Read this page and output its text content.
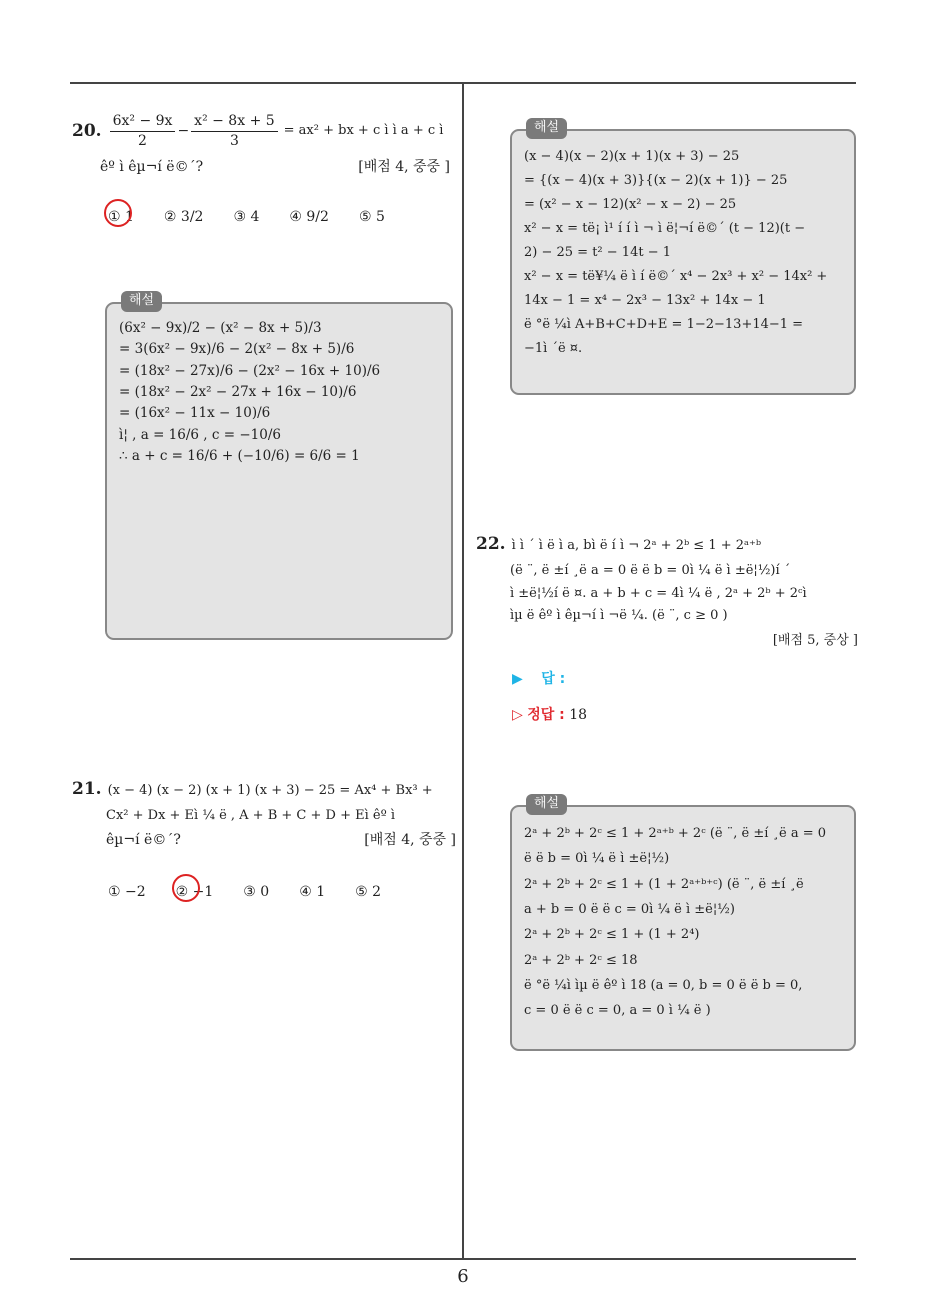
20. $\frac{\text{6x² − 9x}}{2} - \frac{\text{x² − 8x + 5}}{3} = ax^2$ + bx + c ì ì a + c ì
êº ì êµ¬í ë©´?	[배점 4, 중중 ]
① 1 ② 3/2 ③ 4 ④ 9/2 ⑤ 5
해설
(6x² − 9x)/2 − (x² − 8x + 5)/3
= 3(6x² − 9x)/6 − 2(x² − 8x + 5)/6
= (18x² − 27x)/6 − (2x² − 16x + 10)/6
= (18x² − 2x² − 27x + 16x − 10)/6
= (16x² − 11x − 10)/6
ì¦ , a = 16/6 , c = −10/6
∴ a + c = 16/6 + (−10/6) = 6/6 = 1
21. (x − 4) (x − 2) (x + 1) (x + 3) − 25 = Ax⁴ + Bx³ +
Cx² + Dx + Eì ¼ ë , A + B + C + D + Eì êº ì
êµ¬í ë©´?	[배점 4, 중중 ]
① −2 ② −1 ③ 0 ④ 1 ⑤ 2
해설
(x − 4)(x − 2)(x + 1)(x + 3) − 25
= {(x − 4)(x + 3)}{(x − 2)(x + 1)} − 25
= (x² − x − 12)(x² − x − 2) − 25
x² − x = të¡ ì¹ í í ì ¬ ì ë¦¬í ë©´ (t − 12)(t −
2) − 25 = t² − 14t − 1
x² − x = të¥¼ ë ì í ë©´ x⁴ − 2x³ + x² − 14x² +
14x − 1 = x⁴ − 2x³ − 13x² + 14x − 1
ë °ë ¼ì A+B+C+D+E = 1−2−13+14−1 =
−1ì ´ë ¤.
22. ì ì ´ ì ë ì a, bì ë í ì ¬ 2ᵃ + 2ᵇ ≤ 1 + 2ᵃ⁺ᵇ
(ë ¨, ë ±í ¸ë a = 0 ë ë b = 0ì ¼ ë ì ±ë¦½)í ´
ì ±ë¦½í ë ¤. a + b + c = 4ì ¼ ë , 2ᵃ + 2ᵇ + 2ᶜì
ìµ ë êº ì êµ¬í ì ¬ë ¼. (ë ¨, c ≥ 0 )
[배점 5, 중상 ]
▶ 답 :
▷ 정답 : 18
해설
2ᵃ + 2ᵇ + 2ᶜ ≤ 1 + 2ᵃ⁺ᵇ + 2ᶜ (ë ¨, ë ±í ¸ë a = 0
ë ë b = 0ì ¼ ë ì ±ë¦½)
2ᵃ + 2ᵇ + 2ᶜ ≤ 1 + (1 + 2ᵃ⁺ᵇ⁺ᶜ) (ë ¨, ë ±í ¸ë
a + b = 0 ë ë c = 0ì ¼ ë ì ±ë¦½)
2ᵃ + 2ᵇ + 2ᶜ ≤ 1 + (1 + 2⁴)
2ᵃ + 2ᵇ + 2ᶜ ≤ 18
ë °ë ¼ì ìµ ë êº ì 18 (a = 0, b = 0 ë ë b = 0,
c = 0 ë ë c = 0, a = 0 ì ¼ ë )
6
